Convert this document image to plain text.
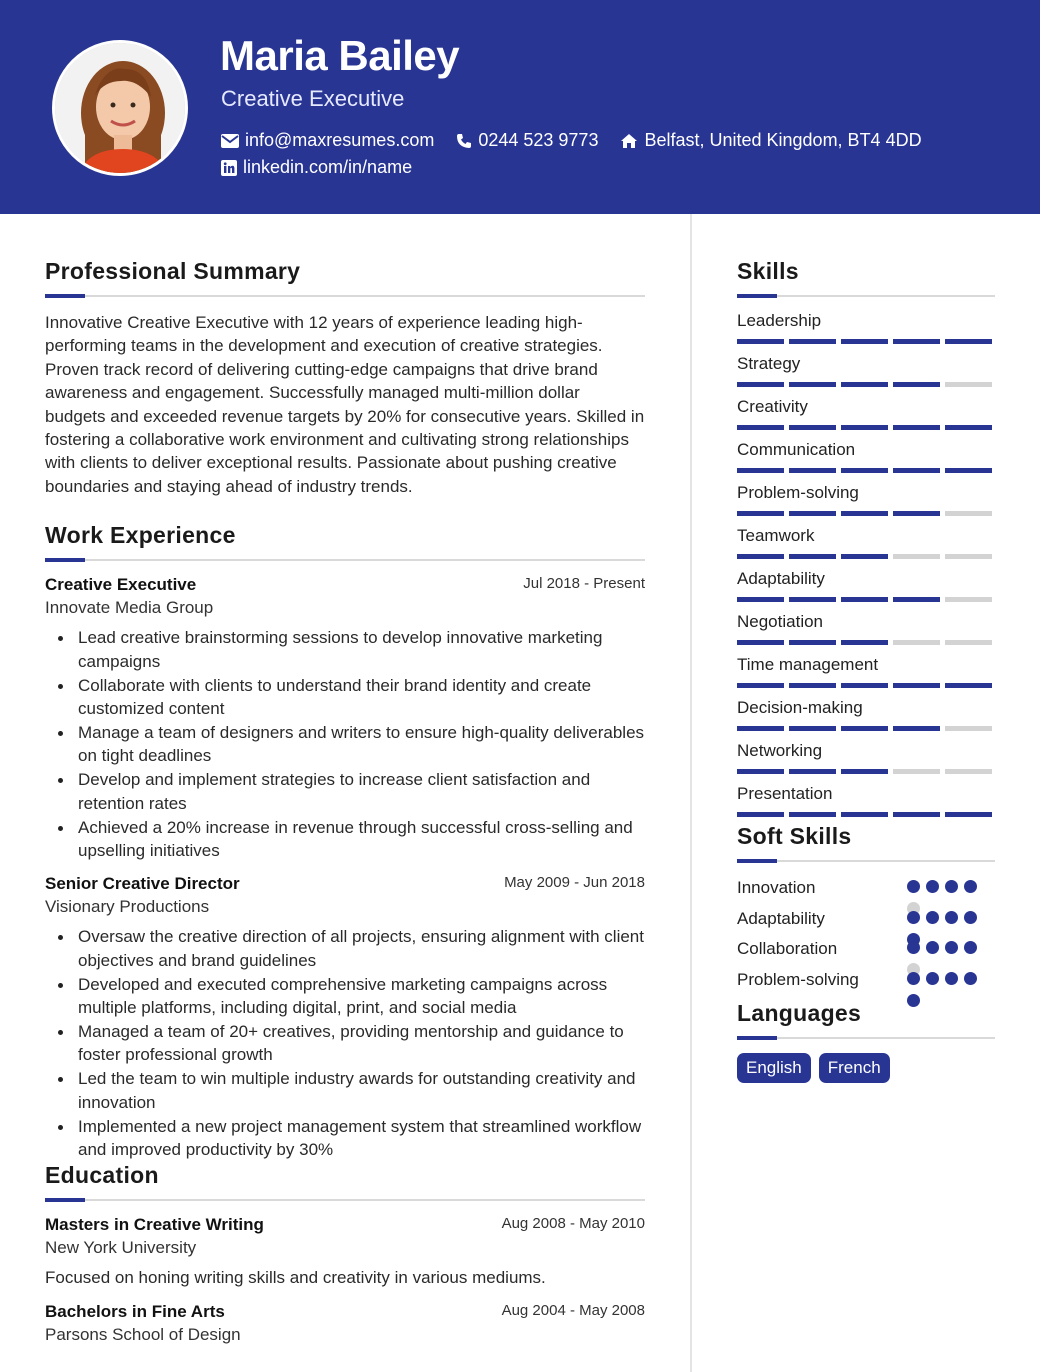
Maria Bailey
Creative Executive
info@maxresumes.com 0244 523 9773	Belfast, United Kingdom, BT4 4DD
linkedin.com/in/name
Professional Summary

Innovative Creative Executive with 12 years of experience leading high-performing teams in the development and execution of creative strategies. Proven track record of delivering cutting-edge campaigns that drive brand awareness and engagement. Successfully managed multi-million dollar budgets and exceeded revenue targets by 20% for consecutive years. Skilled in fostering a collaborative work environment and cultivating strong relationships with clients to deliver exceptional results. Passionate about pushing creative boundaries and staying ahead of industry trends.

Work Experience
Creative Executive	Jul 2018 - Present
Innovate Media Group
Lead creative brainstorming sessions to develop innovative marketing campaigns
Collaborate with clients to understand their brand identity and create customized content
Manage a team of designers and writers to ensure high-quality deliverables on tight deadlines
Develop and implement strategies to increase client satisfaction and retention rates
Achieved a 20% increase in revenue through successful cross-selling and upselling initiatives
Senior Creative Director	May 2009 - Jun 2018
Visionary Productions
Oversaw the creative direction of all projects, ensuring alignment with client objectives and brand guidelines
Developed and executed comprehensive marketing campaigns across multiple platforms, including digital, print, and social media
Managed a team of 20+ creatives, providing mentorship and guidance to foster professional growth
Led the team to win multiple industry awards for outstanding creativity and innovation
Implemented a new project management system that streamlined workflow and improved productivity by 30%
Education
Masters in Creative Writing	Aug 2008 - May 2010
New York University
Focused on honing writing skills and creativity in various mediums.
Bachelors in Fine Arts	Aug 2004 - May 2008
Parsons School of Design
Skills
Leadership
Strategy
Creativity
Communication
Problem-solving
Teamwork
Adaptability
Negotiation
Time management
Decision-making
Networking
Presentation
Soft Skills
Innovation
Adaptability
Collaboration
Problem-solving
Languages
English	French
